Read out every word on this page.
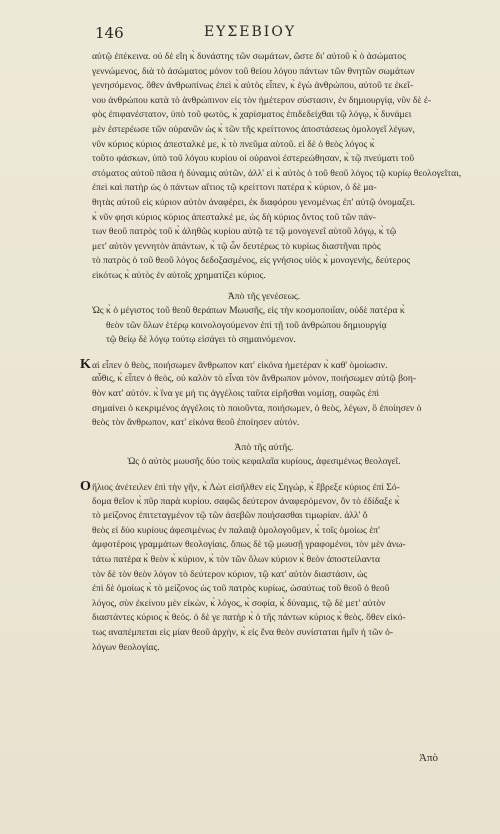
146	ΕΥΣΕΒΙΟΥ
αὐτῷ ἐπέκεινα. οὐ δὲ εἴη κ̀ δυνάστης τῶν σωμάτων, ὥστε δι' αὐτοῦ κ̀ ὁ ἀσώματος
γεννώμενος, διὰ τὸ ἀσώματος μόνον τοῦ θείου λόγου πάντων τῶν θνητῶν σωμάτων
γενησόμενος. ὅθεν ἀνθρωπίνως ἐπεὶ κ̀ αὐτὸς εἶπεν, κ̀ ἐγὼ ἀνθρώπου, αὐτοῦ τε ἐκεῖ-
νου ἀνθρώπου κατὰ τὸ ἀνθρώπινον εἰς τὸν ἡμέτερον σύστασιν, ἐν δημιουργίᾳ, νῦν δὲ ἐ-
φὸς ἐπιφανέστατον, ὑπὸ τοῦ φωτὸς, κ̀ χαρίσματος ἐπιδεδείχθαι τῷ λόγῳ, κ̀ δυνάμει
μὲν ἐστερέωσε τῶν οὐρανῶν ὡς κ̀ τῶν τῆς κρείττονος ἀποστάσεως ὁμολογεῖ λέγων,
νῦν κύριος κύριος ἀπεσταλκέ με, κ̀ τὸ πνεῦμα αὐτοῦ. εἰ δὲ ὁ θεὸς λόγος κ̀
τοῦτο φάσκων, ὑπὸ τοῦ λόγου κυρίου οἱ οὐρανοὶ ἐστερεώθησαν, κ̀ τῷ πνεύματι τοῦ
στόματος αὐτοῦ πᾶσα ἡ δύναμις αὐτῶν, ἀλλ' εἰ κ̀ αὐτὸς ὁ τοῦ θεοῦ λόγος τῷ κυρίῳ θεολογεῖται,
ἐπεὶ καὶ πατὴρ ὡς ὁ πάντων αἴτιος τῷ κρείττονι πατέρα κ̀ κύριον, ὁ δὲ μα-
θητὰς αὐτοῦ εἰς κύριον αὐτὸν ἀναφέρει, ἐκ διαφόρου γενομένως ἐπ' αὐτῷ ὀνομαζει.
κ̀ νῦν φησι κύριος κύριος ἀπεσταλκέ με, ὡς δὴ κύριος ὄντος τοῦ τῶν πάν-
των θεοῦ πατρὸς τοῦ κ̀ ἀληθῶς κυρίου αὐτῷ τε τῷ μονογενεῖ αὐτοῦ λόγῳ, κ̀ τῷ
μετ' αὐτὸν γεννητὸν ἀπάντων, κ̀ τῷ ὧν δευτέρως τὸ κυρίως διαστῆναι πρὸς
τὸ πατρὸς ὁ τοῦ θεοῦ λόγος δεδοξασμένος, εἰς γνήσιος υἱὸς κ̀ μονογενὴς, δεύτερος
εἰκότως κ̀ αὐτὸς ἐν αὐτοῖς χρηματίζει κύριος.
Ἀπὸ τῆς γενέσεως.
Ὡς κ̀ ὁ μέγιστος τοῦ θεοῦ θεράπων Μωυσῆς, εἰς τὴν κοσμοποιΐαν, οὐδὲ πατέρα κ̀
θεὸν τῶν ὅλων ἑτέρῳ κοινολογούμενον ἐπὶ τῇ τοῦ ἀνθρώπου δημιουργίᾳ
τῷ θείῳ δὲ λόγῳ τούτῳ εἰσάγει τὸ σημαινόμενον.
Καὶ εἶπεν ὁ θεὸς, ποιήσωμεν ἄνθρωπον κατ' εἰκόνα ἡμετέραν κ̀ καθ' ὁμοίωσιν.
αὖθις, κ̀ εἶπεν ὁ θεὸς, οὐ καλὸν τὸ εἶναι τὸν ἄνθρωπον μόνον, ποιήσωμεν αὐτῷ βοη-
θὸν κατ' αὐτόν. κ̀ ἵνα γε μή τις ἀγγέλοις ταῦτα εἰρῆσθαι νομίσῃ, σαφῶς ἐπὶ
σημαίνει ὁ κεκριμένος ἀγγέλοις τὸ ποιοῦντα, ποιήσωμεν, ὁ θεὸς, λέγων, ὃ ἐποίησεν ὁ
θεὸς τὸν ἄνθρωπον, κατ' εἰκόνα θεοῦ ἐποίησεν αὐτόν.
Ἀπὸ τῆς αὐτῆς.
Ὡς ὁ αὐτὸς μωυσῆς δύο τοὺς κεφαλαῖα κυρίους, ἀφεσιμένως θεολογεῖ.
Οἥλιος ἀνέτειλεν ἐπὶ τὴν γῆν, κ̀ Λὼτ εἰσῆλθεν εἰς Σηγώρ, κ̀ ἔβρεξε κύριος ἐπὶ Σό-
δομα θεῖον κ̀ πῦρ παρὰ κυρίου. σαφῶς δεύτερον ἀναφερόμενον, ὃν τὸ ἐδίδαξε κ̀
τὸ μείζονος ἐπιτεταγμένον τῷ τῶν ἀσεβῶν ποιήσασθαι τιμωρίαν. ἀλλ' ὅ
θεὸς εἰ δύο κυρίους ἀφεσιμένως ἐν παλαιᾷ ὁμολογοῦμεν, κ̀ τοῖς ὁμοίως ἐπ'
ἀμφοτέροις γραμμάτων θεολογίαις. ὅπως δὲ τῷ μωυσῇ γραφομένοι, τὸν μὲν ἀνω-
τάτω πατέρα κ̀ θεὸν κ̀ κύριον, κ̀ τὸν τῶν ὅλων κύριον κ̀ θεὸν ἀποστείλαντα
τὸν δὲ τὸν θεὸν λόγον τὸ δεύτερον κύριον, τῷ κατ' αὐτὸν διαστάσιν, ὡς
ἐπὶ δὲ ὁμοίως κ̀ τὸ μείζονος ὡς τοῦ πατρὸς κυρίως, ὡσαύτως τοῦ θεοῦ ὁ θεοῦ
λόγος, σὺν ἐκείνου μὲν εἰκὼν, κ̀ λόγος, κ̀ σοφία, κ̀ δύναμις, τῷ δὲ μετ' αὐτὸν
διαστάντες κύριος κ̀ θεός. ὁ δὲ γε πατὴρ κ̀ ὁ τῆς πάντων κύριος κ̀ θεὸς. ὅθεν εἰκό-
τως αναπέμπεται εἰς μίαν θεοῦ ἀρχὴν, κ̀ εἰς ἕνα θεὸν συνίσταται ἡμῖν ἡ τῶν ὁ-
λόγων θεολογίας.
Ἀπὸ
